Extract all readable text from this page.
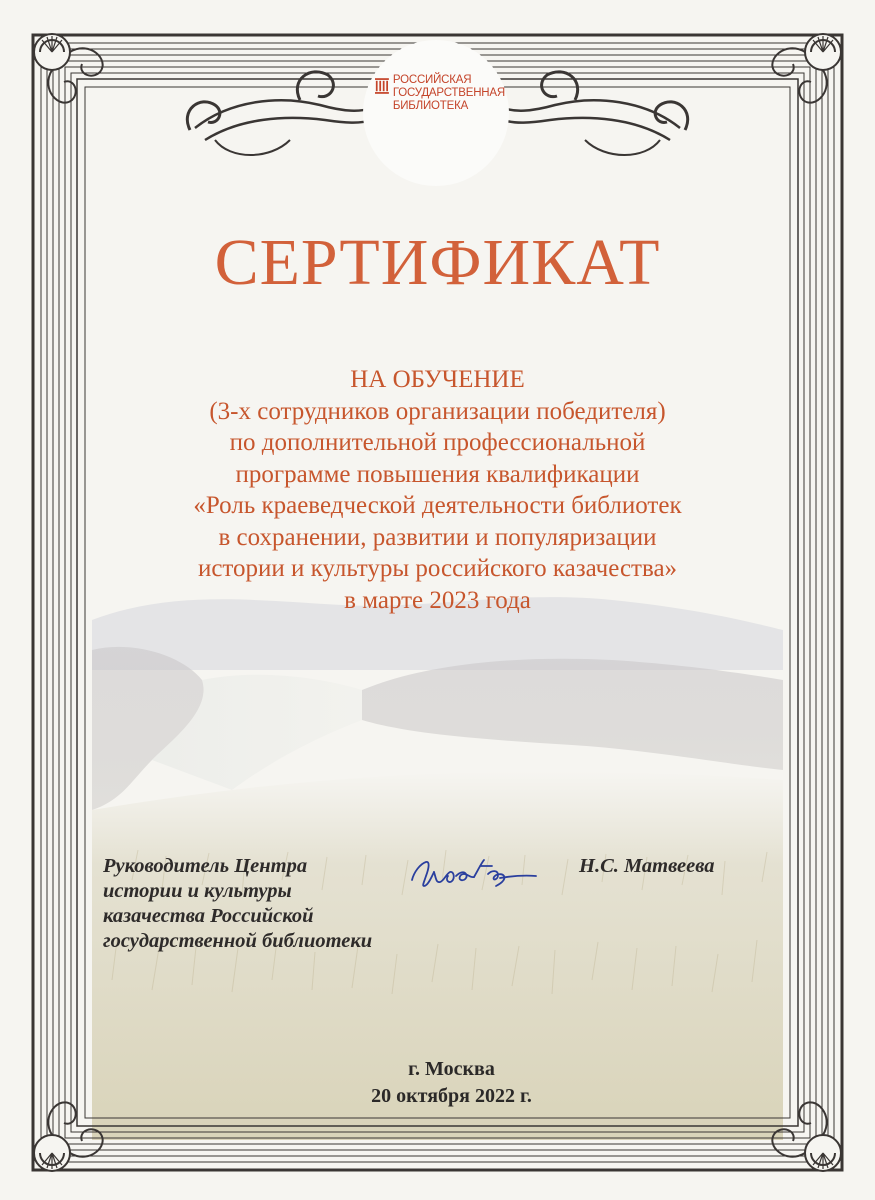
РОССИЙСКАЯ
ГОСУДАРСТВЕННАЯ
БИБЛИОТЕКА
СЕРТИФИКАТ
НА ОБУЧЕНИЕ
(3-х сотрудников организации победителя)
по дополнительной профессиональной
программе повышения квалификации
«Роль краеведческой деятельности библиотек
в сохранении, развитии и популяризации
истории и культуры российского казачества»
в марте 2023 года
Руководитель Центра
истории и культуры
казачества Российской
государственной библиотеки
Н.С. Матвеева
г. Москва
20 октября 2022 г.
